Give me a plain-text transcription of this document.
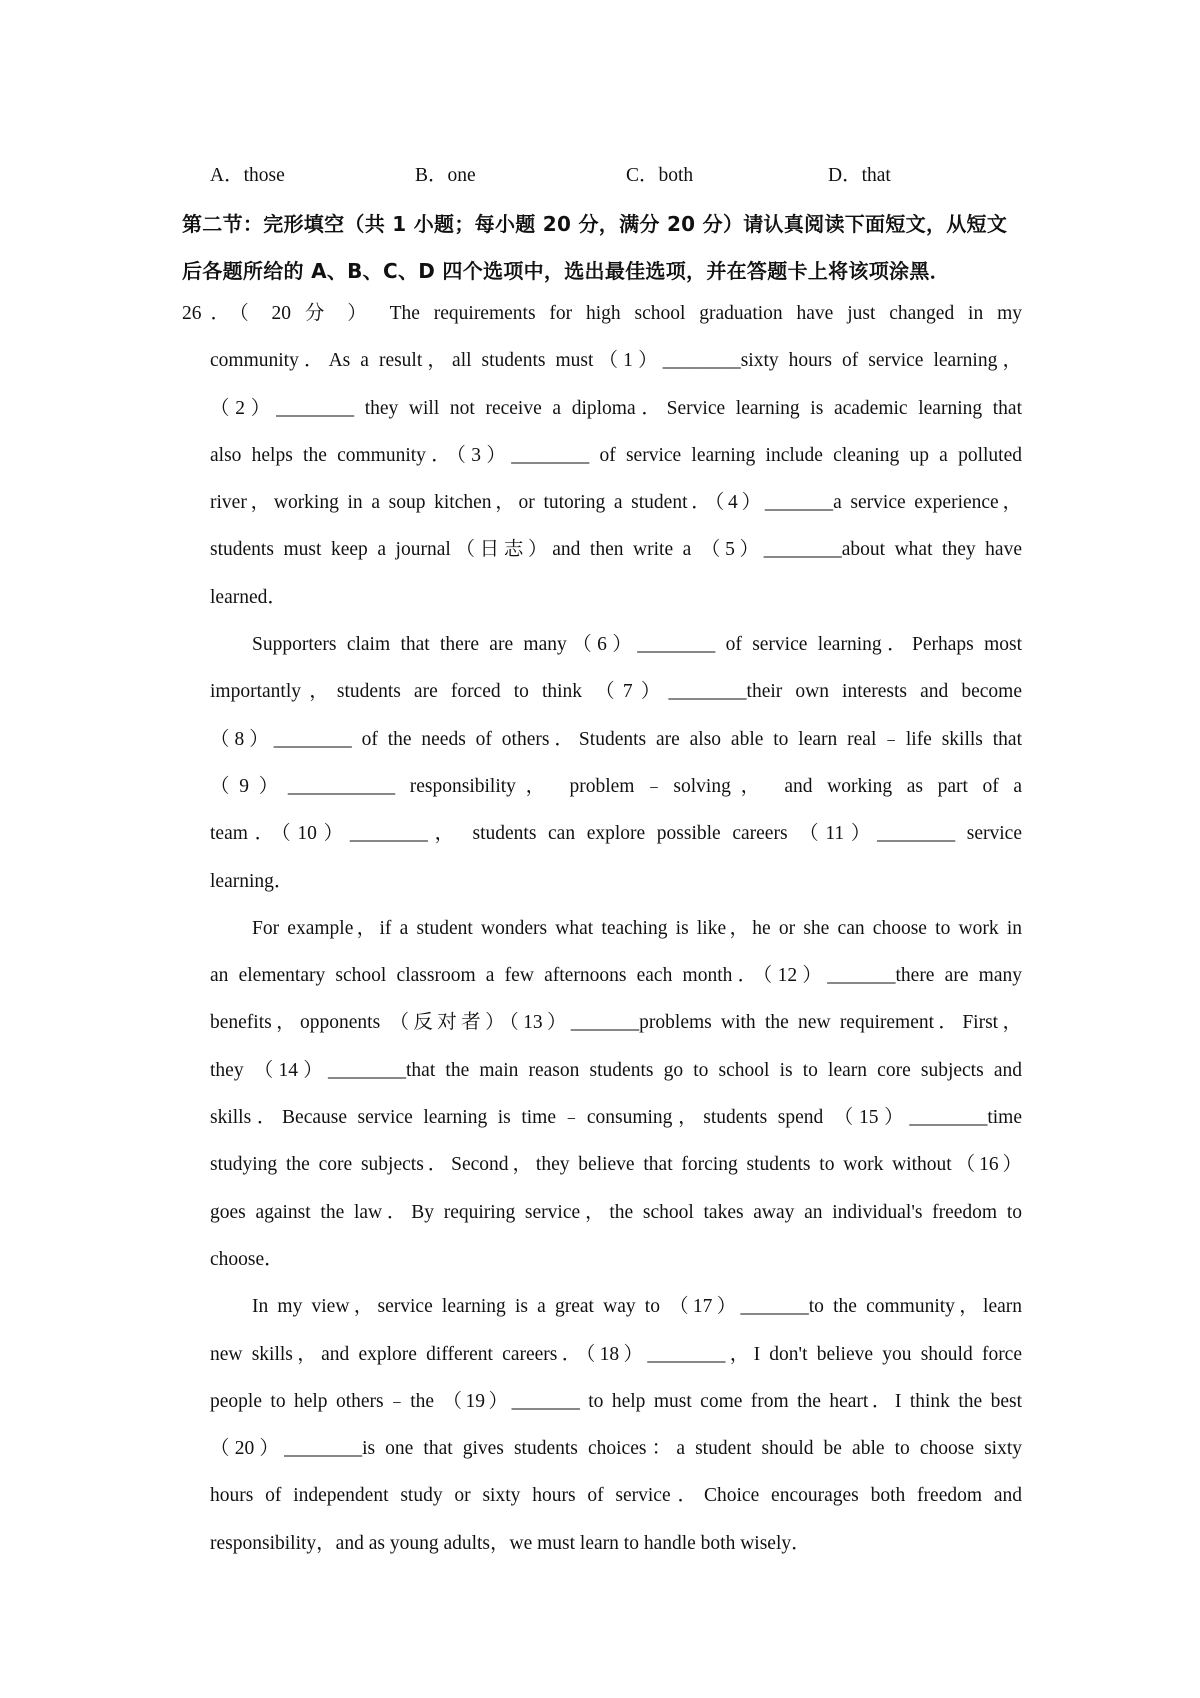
A．those	B．one	C．both	D．that
第二节：完形填空（共 1 小题；每小题 20 分，满分 20 分）请认真阅读下面短文，从短文
后各题所给的 A、B、C、D 四个选项中，选出最佳选项，并在答题卡上将该项涂黑．
26．（ 20 分 ） The requirements for high school graduation have just changed in my
community．As a result，all students must（1）________sixty hours of service learning，
（2）________ they will not receive a diploma．Service learning is academic learning that
also helps the community．（3）________ of service learning include cleaning up a polluted
river，working in a soup kitchen，or tutoring a student．（4）_______a service experience，
students must keep a journal（日志）and then write a （5）________about what they have
learned．
Supporters claim that there are many（6）________ of service learning．Perhaps most
importantly，students are forced to think （7）________their own interests and become
（8）________ of the needs of others．Students are also able to learn real﹣life skills that
（9）___________ responsibility， problem﹣solving， and working as part of a
team．（10）________， students can explore possible careers （11）________ service
learning．
For example，if a student wonders what teaching is like，he or she can choose to work in
an elementary school classroom a few afternoons each month．（12）_______there are many
benefits，opponents （反对者）（13）_______problems with the new requirement．First，
they （14）________that the main reason students go to school is to learn core subjects and
skills．Because service learning is time﹣consuming，students spend （15）________time
studying the core subjects．Second，they believe that forcing students to work without（16）
goes against the law．By requiring service，the school takes away an individual's freedom to
choose．
In my view，service learning is a great way to （17）_______to the community，learn
new skills，and explore different careers．（18）________，I don't believe you should force
people to help others﹣the （19）_______ to help must come from the heart．I think the best
（20）________is one that gives students choices：a student should be able to choose sixty
hours of independent study or sixty hours of service．Choice encourages both freedom and
responsibility，and as young adults，we must learn to handle both wisely．
